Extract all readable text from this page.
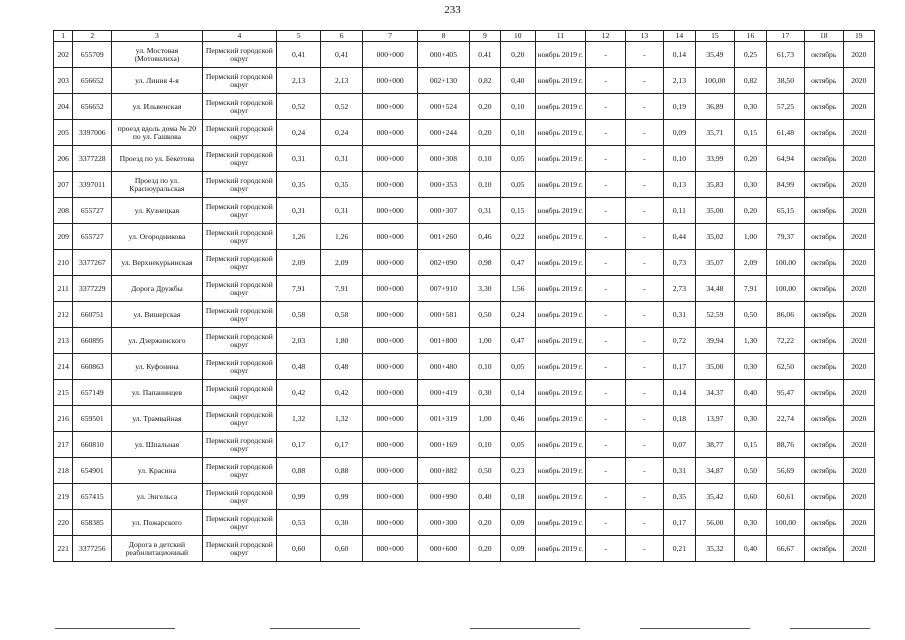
233
1	2	3	4	5	6	7	8	9	10	11	12	13	14	15	16	17	18	19
202	655709	ул. Мостовая (Мотовилиха)	Пермский городской округ	0,41	0,41	000+000	000+405	0,41	0,20	ноябрь 2019 г.	-	-	0,14	35,49	0,25	61,73	октябрь	2020
203	656652	ул. Линия 4-я	Пермский городской округ	2,13	2,13	000+000	002+130	0,82	0,40	ноябрь 2019 г.	-	-	2,13	100,00	0,82	38,50	октябрь	2020
204	656652	ул. Ильвенская	Пермский городской округ	0,52	0,52	000+000	000+524	0,20	0,10	ноябрь 2019 г.	-	-	0,19	36,89	0,30	57,25	октябрь	2020
205	3397006	проезд вдоль дома № 20 по ул. Гашкова	Пермский городской округ	0,24	0,24	000+000	000+244	0,20	0,10	ноябрь 2019 г.	-	-	0,09	35,71	0,15	61,48	октябрь	2020
206	3377228	Проезд по ул. Бекетова	Пермский городской округ	0,31	0,31	000+000	000+308	0,10	0,05	ноябрь 2019 г.	-	-	0,10	33,99	0,20	64,94	октябрь	2020
207	3397011	Проезд по ул. Красноуральская	Пермский городской округ	0,35	0,35	000+000	000+353	0,10	0,05	ноябрь 2019 г.	-	-	0,13	35,83	0,30	84,99	октябрь	2020
208	655727	ул. Кузнецкая	Пермский городской округ	0,31	0,31	000+000	000+307	0,31	0,15	ноябрь 2019 г.	-	-	0,11	35,00	0,20	65,15	октябрь	2020
209	655727	ул. Огородникова	Пермский городской округ	1,26	1,26	000+000	001+260	0,46	0,22	ноябрь 2019 г.	-	-	0,44	35,02	1,00	79,37	октябрь	2020
210	3377267	ул. Верхнекурьинская	Пермский городской округ	2,09	2,09	000+000	002+090	0,98	0,47	ноябрь 2019 г.	-	-	0,73	35,07	2,09	100,00	октябрь	2020
211	3377229	Дорога Дружбы	Пермский городской округ	7,91	7,91	000+000	007+910	3,30	1,56	ноябрь 2019 г.	-	-	2,73	34,48	7,91	100,00	октябрь	2020
212	660751	ул. Вишерская	Пермский городской округ	0,58	0,58	000+000	000+581	0,50	0,24	ноябрь 2019 г.	-	-	0,31	52,59	0,50	86,06	октябрь	2020
213	660895	ул. Дзержинского	Пермский городской округ	2,03	1,80	000+000	001+800	1,00	0,47	ноябрь 2019 г.	-	-	0,72	39,94	1,30	72,22	октябрь	2020
214	660863	ул. Куфонина	Пермский городской округ	0,48	0,48	000+000	000+480	0,10	0,05	ноябрь 2019 г.	-	-	0,17	35,00	0,30	62,50	октябрь	2020
215	657149	ул. Папанинцев	Пермский городской округ	0,42	0,42	000+000	000+419	0,30	0,14	ноябрь 2019 г.	-	-	0,14	34,37	0,40	95,47	октябрь	2020
216	659501	ул. Трамвайная	Пермский городской округ	1,32	1,32	000+000	001+319	1,00	0,46	ноябрь 2019 г.	-	-	0,18	13,97	0,30	22,74	октябрь	2020
217	660810	ул. Шпальная	Пермский городской округ	0,17	0,17	000+000	000+169	0,10	0,05	ноябрь 2019 г.	-	-	0,07	38,77	0,15	88,76	октябрь	2020
218	654901	ул. Красина	Пермский городской округ	0,88	0,88	000+000	000+882	0,50	0,23	ноябрь 2019 г.	-	-	0,31	34,87	0,50	56,69	октябрь	2020
219	657415	ул. Энгельса	Пермский городской округ	0,99	0,99	000+000	000+990	0,40	0,18	ноябрь 2019 г.	-	-	0,35	35,42	0,60	60,61	октябрь	2020
220	658385	ул. Пожарского	Пермский городской округ	0,53	0,30	000+000	000+300	0,20	0,09	ноябрь 2019 г.	-	-	0,17	56,00	0,30	100,00	октябрь	2020
221	3377256	Дорога в детский реабилитационный	Пермский городской округ	0,60	0,60	000+000	000+600	0,20	0,09	ноябрь 2019 г.	-	-	0,21	35,32	0,40	66,67	октябрь	2020
